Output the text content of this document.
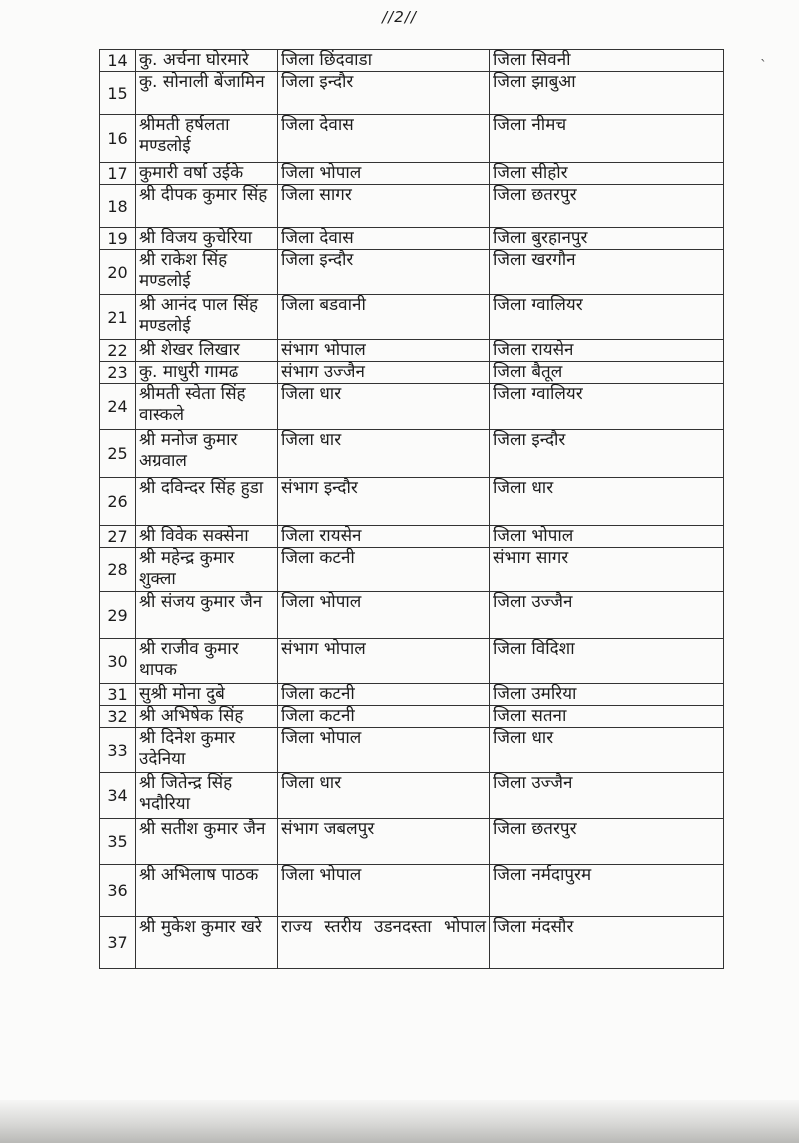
//2//
ˎ
14	कु. अर्चना घोरमारे	जिला छिंदवाडा	जिला सिवनी
15	कु. सोनाली बेंजामिन	जिला इन्दौर	जिला झाबुआ
16	श्रीमती हर्षलता मण्डलोई	जिला देवास	जिला नीमच
17	कुमारी वर्षा उईके	जिला भोपाल	जिला सीहोर
18	श्री दीपक कुमार सिंह	जिला सागर	जिला छतरपुर
19	श्री विजय कुचेरिया	जिला देवास	जिला बुरहानपुर
20	श्री राकेश सिंह मण्डलोई	जिला इन्दौर	जिला खरगौन
21	श्री आनंद पाल सिंह मण्डलोई	जिला बडवानी	जिला ग्वालियर
22	श्री शेखर लिखार	संभाग भोपाल	जिला रायसेन
23	कु. माधुरी गामढ	संभाग उज्जैन	जिला बैतूल
24	श्रीमती स्वेता सिंह वास्कले	जिला धार	जिला ग्वालियर
25	श्री मनोज कुमार अग्रवाल	जिला धार	जिला इन्दौर
26	श्री दविन्दर सिंह हुडा	संभाग इन्दौर	जिला धार
27	श्री विवेक सक्सेना	जिला रायसेन	जिला भोपाल
28	श्री महेन्द्र कुमार शुक्ला	जिला कटनी	संभाग सागर
29	श्री संजय कुमार जैन	जिला भोपाल	जिला उज्जैन
30	श्री राजीव कुमार थापक	संभाग भोपाल	जिला विदिशा
31	सुश्री मोना दुबे	जिला कटनी	जिला उमरिया
32	श्री अभिषेक सिंह	जिला कटनी	जिला सतना
33	श्री दिनेश कुमार उदेनिया	जिला भोपाल	जिला धार
34	श्री जितेन्द्र सिंह भदौरिया	जिला धार	जिला उज्जैन
35	श्री सतीश कुमार जैन	संभाग जबलपुर	जिला छतरपुर
36	श्री अभिलाष पाठक	जिला भोपाल	जिला नर्मदापुरम
37	श्री मुकेश कुमार खरे	राज्य स्तरीय उडनदस्ता भोपाल	जिला मंदसौर
